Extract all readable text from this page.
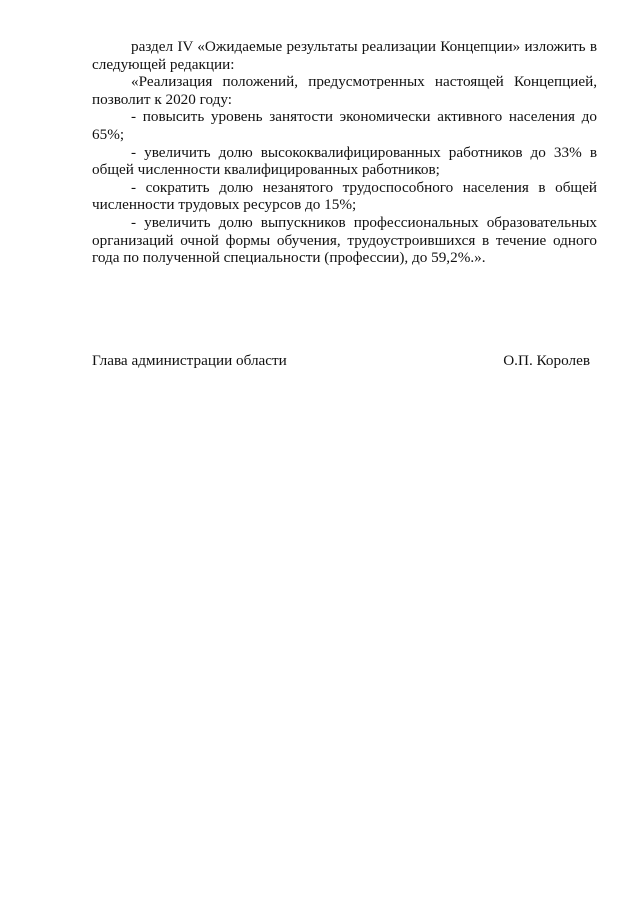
раздел IV «Ожидаемые результаты реализации Концепции» изложить в следующей редакции:

«Реализация положений, предусмотренных настоящей Концепцией, позволит к 2020 году:

- повысить уровень занятости экономически активного населения до 65%;

- увеличить долю высококвалифицированных работников до 33% в общей численности квалифицированных работников;

- сократить долю незанятого трудоспособного населения в общей численности трудовых ресурсов до 15%;

- увеличить долю выпускников профессиональных образовательных организаций очной формы обучения, трудоустроившихся в течение одного года по полученной специальности (профессии), до 59,2%.».

Глава администрации области	О.П. Королев
